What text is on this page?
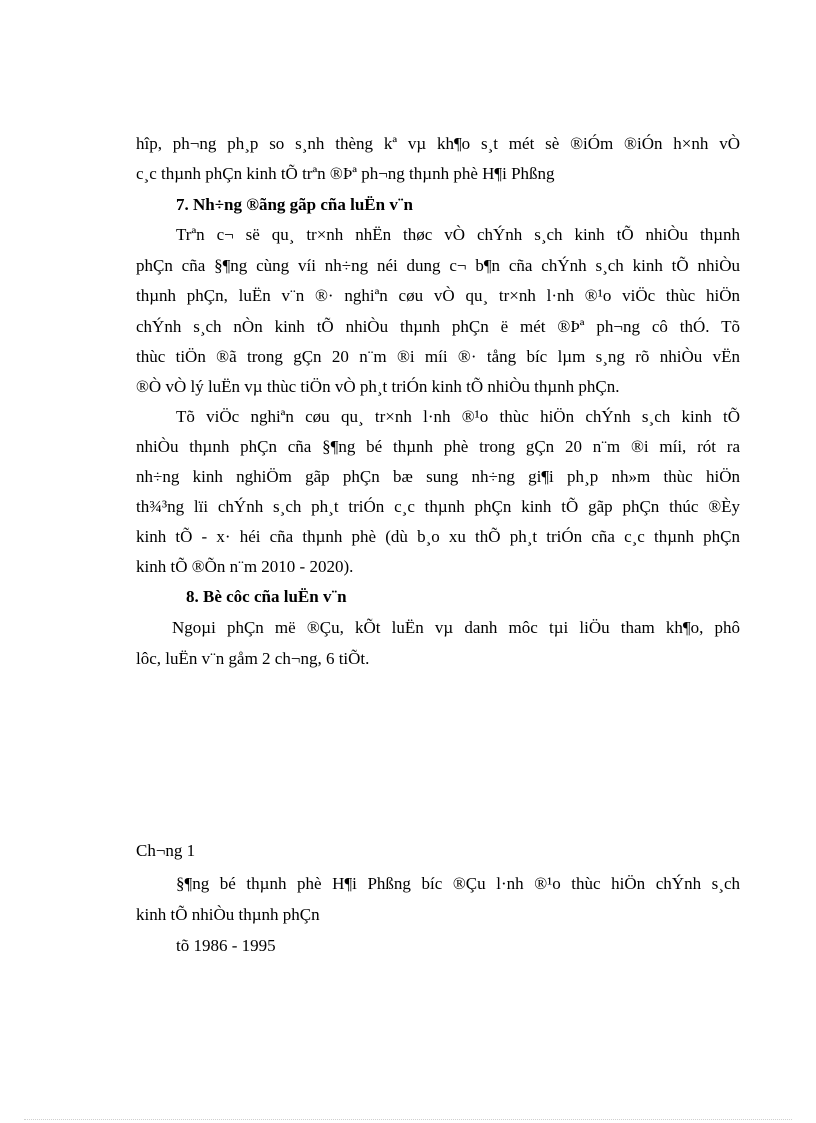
hîp, ph¬ng ph¸p so s¸nh thèng kª vµ kh¶o s¸t mét sè ®iÓm ®iÓn h×nh vÒ
c¸c thµnh phÇn kinh tÕ trªn ®Þª ph¬ng thµnh phè H¶i Phßng
7. Nh÷ng ®ãng gãp cña luËn v¨n
Trªn c¬ së qu¸ tr×nh nhËn thøc vÒ chÝnh s¸ch kinh tÕ nhiÒu thµnh
phÇn cña §¶ng cùng víi nh÷ng néi dung c¬ b¶n cña chÝnh s¸ch kinh tÕ nhiÒu
thµnh phÇn, luËn v¨n ®· nghiªn cøu vÒ qu¸ tr×nh l·nh ®¹o viÖc thùc hiÖn
chÝnh s¸ch nÒn kinh tÕ nhiÒu thµnh phÇn ë mét ®Þª ph¬ng cô thÓ. Tõ
thùc tiÖn ®ã trong gÇn 20 n¨m ®i míi ®· tång bíc lµm s¸ng rõ nhiÒu vËn
®Ò vÒ lý luËn vµ thùc tiÖn vÒ ph¸t triÓn kinh tÕ nhiÒu thµnh phÇn.
Tõ viÖc nghiªn cøu qu¸ tr×nh l·nh ®¹o thùc hiÖn chÝnh s¸ch kinh tÕ
nhiÒu thµnh phÇn cña §¶ng bé thµnh phè trong gÇn 20 n¨m ®i míi, rót ra
nh÷ng kinh nghiÖm gãp phÇn bæ sung nh÷ng gi¶i ph¸p nh»m thùc hiÖn
th¾³ng lïi chÝnh s¸ch ph¸t triÓn c¸c thµnh phÇn kinh tÕ gãp phÇn thúc ®Èy
kinh tÕ - x· héi cña thµnh phè (dù b¸o xu thÕ ph¸t triÓn cña c¸c thµnh phÇn
kinh tÕ ®Õn n¨m 2010 - 2020).
8. Bè côc cña luËn v¨n
Ngoµi phÇn më ®Çu, kÕt luËn vµ danh môc tµi liÖu tham kh¶o, phô
lôc, luËn v¨n gåm 2 ch¬ng, 6 tiÕt.
Ch¬ng 1
§¶ng bé thµnh phè H¶i Phßng bíc ®Çu l·nh ®¹o thùc hiÖn chÝnh s¸ch
kinh tÕ nhiÒu thµnh phÇn
tõ 1986 - 1995
